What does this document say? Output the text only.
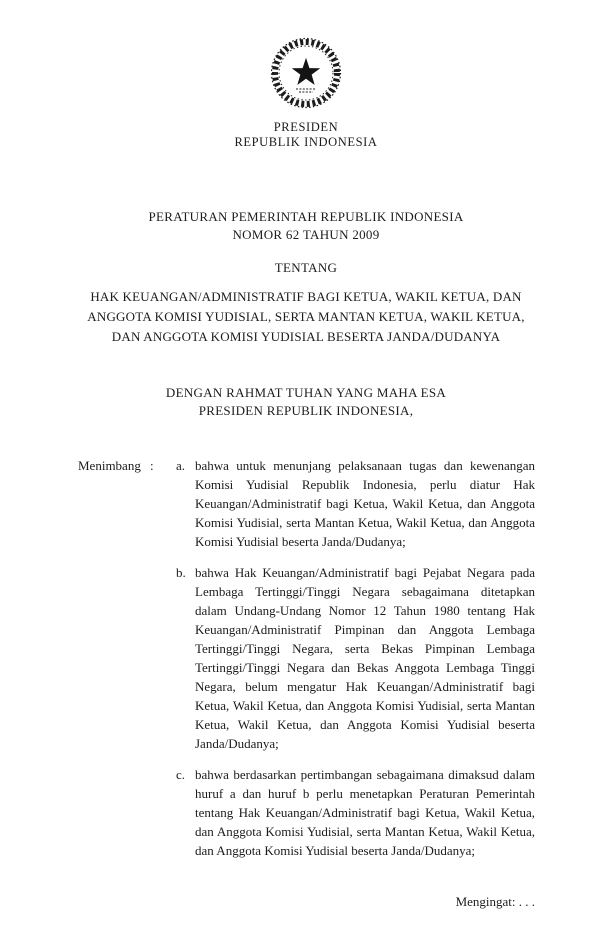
PRESIDEN
REPUBLIK INDONESIA
PERATURAN PEMERINTAH REPUBLIK INDONESIA
NOMOR 62 TAHUN 2009
TENTANG
HAK KEUANGAN/ADMINISTRATIF BAGI KETUA, WAKIL KETUA, DAN ANGGOTA KOMISI YUDISIAL, SERTA MANTAN KETUA, WAKIL KETUA, DAN ANGGOTA KOMISI YUDISIAL BESERTA JANDA/DUDANYA
DENGAN RAHMAT TUHAN YANG MAHA ESA
PRESIDEN REPUBLIK INDONESIA,
Menimbang :	a. bahwa untuk menunjang pelaksanaan tugas dan kewenangan Komisi Yudisial Republik Indonesia, perlu diatur Hak Keuangan/Administratif bagi Ketua, Wakil Ketua, dan Anggota Komisi Yudisial, serta Mantan Ketua, Wakil Ketua, dan Anggota Komisi Yudisial beserta Janda/Dudanya;
b. bahwa Hak Keuangan/Administratif bagi Pejabat Negara pada Lembaga Tertinggi/Tinggi Negara sebagaimana ditetapkan dalam Undang-Undang Nomor 12 Tahun 1980 tentang Hak Keuangan/Administratif Pimpinan dan Anggota Lembaga Tertinggi/Tinggi Negara, serta Bekas Pimpinan Lembaga Tertinggi/Tinggi Negara dan Bekas Anggota Lembaga Tinggi Negara, belum mengatur Hak Keuangan/Administratif bagi Ketua, Wakil Ketua, dan Anggota Komisi Yudisial, serta Mantan Ketua, Wakil Ketua, dan Anggota Komisi Yudisial beserta Janda/Dudanya;
c. bahwa berdasarkan pertimbangan sebagaimana dimaksud dalam huruf a dan huruf b perlu menetapkan Peraturan Pemerintah tentang Hak Keuangan/Administratif bagi Ketua, Wakil Ketua, dan Anggota Komisi Yudisial, serta Mantan Ketua, Wakil Ketua, dan Anggota Komisi Yudisial beserta Janda/Dudanya;
Mengingat: . . .
